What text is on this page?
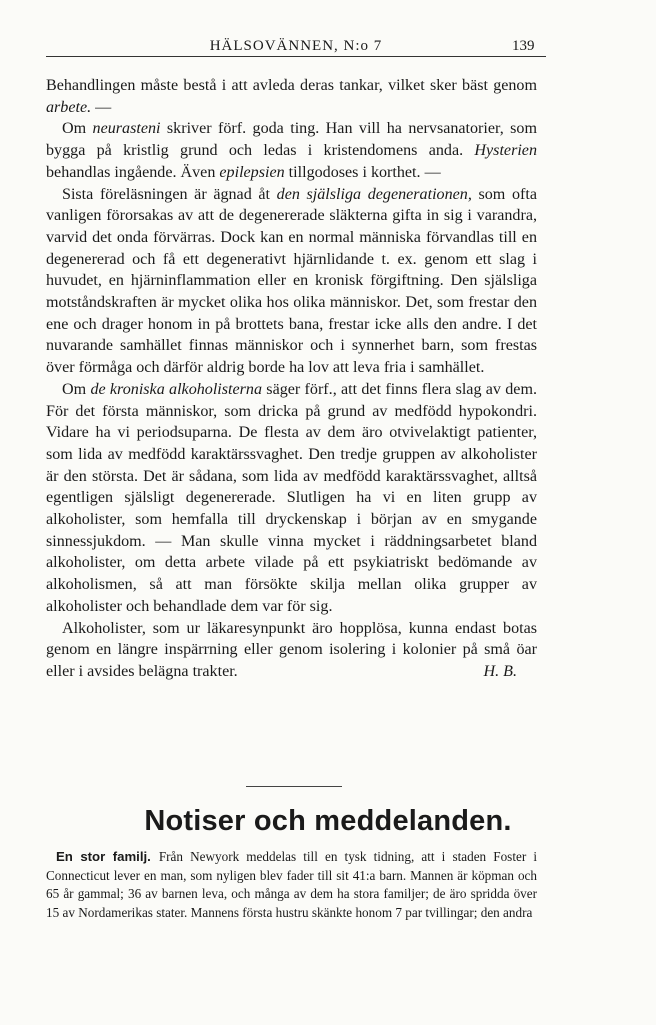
HÄLSOVÄNNEN, N:o 7	139

Behandlingen måste bestå i att avleda deras tankar, vilket sker bäst genom arbete. —

Om neurasteni skriver förf. goda ting. Han vill ha nervsanatorier, som bygga på kristlig grund och ledas i kristendomens anda. Hysterien behandlas ingående. Även epilepsien tillgodoses i korthet. —

Sista föreläsningen är ägnad åt den själsliga degenerationen, som ofta vanligen förorsakas av att de degenererade släkterna gifta in sig i varandra, varvid det onda förvärras. Dock kan en normal människa förvandlas till en degenererad och få ett degenerativt hjärnlidande t. ex. genom ett slag i huvudet, en hjärninflammation eller en kronisk förgiftning. Den själsliga motståndskraften är mycket olika hos olika människor. Det, som frestar den ene och drager honom in på brottets bana, frestar icke alls den andre. I det nuvarande samhället finnas människor och i synnerhet barn, som frestas över förmåga och därför aldrig borde ha lov att leva fria i samhället.

Om de kroniska alkoholisterna säger förf., att det finns flera slag av dem. För det första människor, som dricka på grund av medfödd hypokondri. Vidare ha vi periodsuparna. De flesta av dem äro otvivelaktigt patienter, som lida av medfödd karaktärssvaghet. Den tredje gruppen av alkoholister är den största. Det är sådana, som lida av medfödd karaktärssvaghet, alltså egentligen själsligt degenererade. Slutligen ha vi en liten grupp av alkoholister, som hemfalla till dryckenskap i början av en smygande sinnessjukdom. — Man skulle vinna mycket i räddningsarbetet bland alkoholister, om detta arbete vilade på ett psykiatriskt bedömande av alkoholismen, så att man försökte skilja mellan olika grupper av alkoholister och behandlade dem var för sig.

Alkoholister, som ur läkaresynpunkt äro hopplösa, kunna endast botas genom en längre inspärrning eller genom isolering i kolonier på små öar eller i avsides belägna trakter.	H. B.

Notiser och meddelanden.

En stor familj. Från Newyork meddelas till en tysk tidning, att i staden Foster i Connecticut lever en man, som nyligen blev fader till sit 41:a barn. Mannen är köpman och 65 år gammal; 36 av barnen leva, och många av dem ha stora familjer; de äro spridda över 15 av Nordamerikas stater. Mannens första hustru skänkte honom 7 par tvillingar; den andra
